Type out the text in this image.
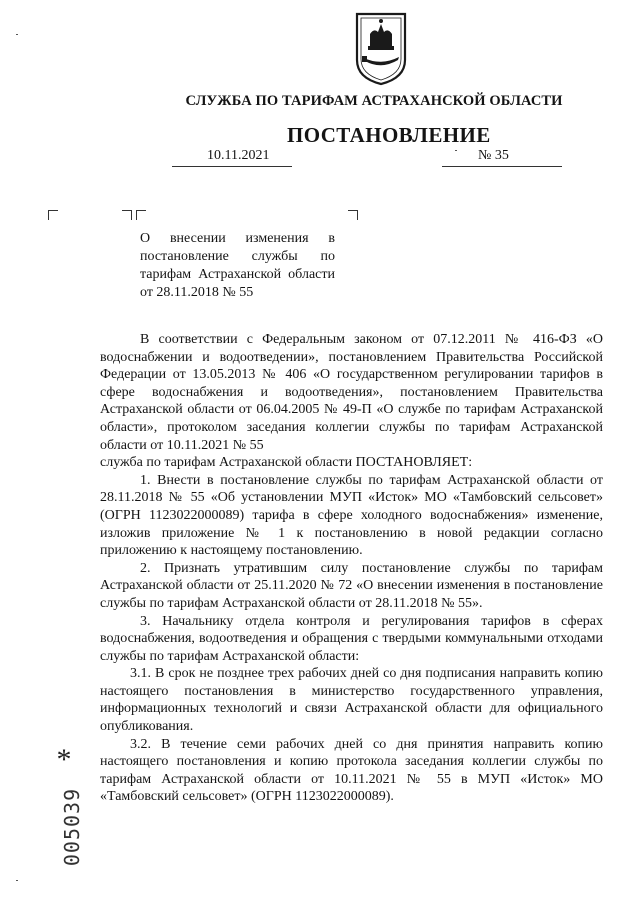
СЛУЖБА ПО ТАРИФАМ АСТРАХАНСКОЙ ОБЛАСТИ
ПОСТАНОВЛЕНИЕ
10.11.2021	№ 35

О внесении изменения в постановление службы по тарифам Астраханской области от 28.11.2018 № 55

В соответствии с Федеральным законом от 07.12.2011 № 416-ФЗ «О водоснабжении и водоотведении», постановлением Правительства Российской Федерации от 13.05.2013 № 406 «О государственном регулировании тарифов в сфере водоснабжения и водоотведения», постановлением Правительства Астраханской области от 06.04.2005 № 49-П «О службе по тарифам Астраханской области», протоколом заседания коллегии службы по тарифам Астраханской области от 10.11.2021 № 55

служба по тарифам Астраханской области ПОСТАНОВЛЯЕТ:

1. Внести в постановление службы по тарифам Астраханской области от 28.11.2018 № 55 «Об установлении МУП «Исток» МО «Тамбовский сельсовет» (ОГРН 1123022000089) тарифа в сфере холодного водоснабжения» изменение, изложив приложение № 1 к постановлению в новой редакции согласно приложению к настоящему постановлению.

2. Признать утратившим силу постановление службы по тарифам Астраханской области от 25.11.2020 № 72 «О внесении изменения в постановление службы по тарифам Астраханской области от 28.11.2018 № 55».

3. Начальнику отдела контроля и регулирования тарифов в сферах водоснабжения, водоотведения и обращения с твердыми коммунальными отходами службы по тарифам Астраханской области:

3.1. В срок не позднее трех рабочих дней со дня подписания направить копию настоящего постановления в министерство государственного управления, информационных технологий и связи Астраханской области для официального опубликования.

3.2. В течение семи рабочих дней со дня принятия направить копию настоящего постановления и копию протокола заседания коллегии службы по тарифам Астраханской области от 10.11.2021 № 55 в МУП «Исток» МО «Тамбовский сельсовет» (ОГРН 1123022000089).

*
005039
